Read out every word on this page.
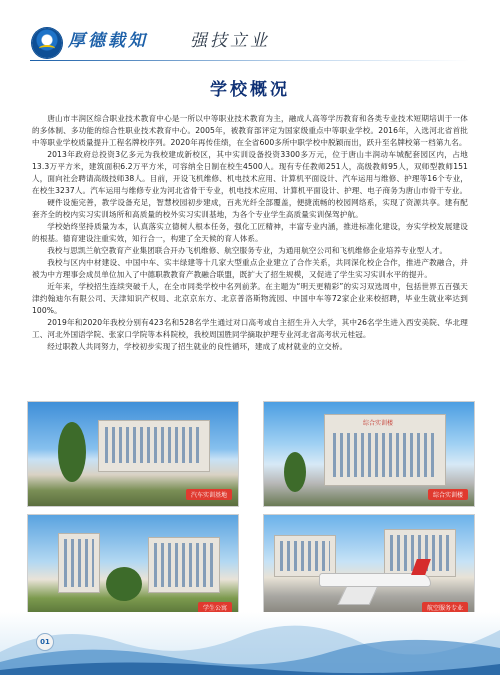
厚德载知 强技立业
学校概况

唐山市丰润区综合职业技术教育中心是一所以中等职业技术教育为主，融成人高等学历教育和各类专业技术短期培训于一体的多体制、多功能的综合性职业技术教育中心。2005年，被教育部评定为国家级重点中等职业学校。2016年，入选河北省首批中等职业学校质量提升工程名牌校序列。2020年再传佳绩，在全省600多所中职学校中脱颖而出，跃升至名牌校第一档第九名。

2013年政府总投资3亿多元为我校建成新校区，其中实训设备投资3300多万元，位于唐山丰润动车城配套园区内，占地13.3万平方米，建筑面积6.2万平方米，可容纳全日制在校生4500人。现有专任教师251人，高级教师95人，双师型教师151人，面向社会聘请高级技师38人。目前，开设飞机维修、机电技术应用、计算机平面设计、汽车运用与维修、护理等16个专业，在校生3237人。汽车运用与维修专业为河北省骨干专业，机电技术应用、计算机平面设计、护理、电子商务为唐山市骨干专业。

硬件设施完善，教学设备充足，智慧校园初步建成，百兆光纤全部覆盖，便捷流畅的校园网络系，实现了资源共享。建有配套齐全的校内实习实训场所和高质量的校外实习实训基地，为各个专业学生高质量实训保驾护航。

学校始终坚持质量为本，认真落实立德树人根本任务，强化工匠精神，丰富专业内涵，推进标准化建设，夯实学校发展建设的根基。德育建设注重实效，知行合一，构建了全天候的育人体系。

我校与思凯兰航空教育产业集团联合开办飞机维修、航空服务专业，为通用航空公司和飞机维修企业培养专业型人才。

我校与区内中材建设、中国中车、实丰绿建等十几家大型重点企业建立了合作关系，共同深化校企合作，推进产教融合，并被为中方理事会成员单位加入了中德职教教育产教融合联盟，既扩大了招生规模，又促进了学生实习实训水平的提升。

近年来，学校招生连续突破千人，在全市同类学校中名列前茅。在主题为“明天更精彩”的实习双选周中，包括世界五百强天津约翰迪尔有限公司、天津知识产权局、北京京东方、北京普洛斯物流园、中国中车等72家企业来校招聘，毕业生就业率达到100%。

2019年和2020年我校分别有423名和528名学生通过对口高考或自主招生升入大学，其中26名学生进入西安美院、华北理工、河北外国语学院、张家口学院等本科院校，我校周国胜同学摘取护理专业河北省高考状元桂冠。

经过职教人共同努力，学校初步实现了招生就业的良性循环，建成了成材就业的立交桥。

汽车实训基地
综合实训楼
综合实训楼
学生公寓	航空服务专业
01
